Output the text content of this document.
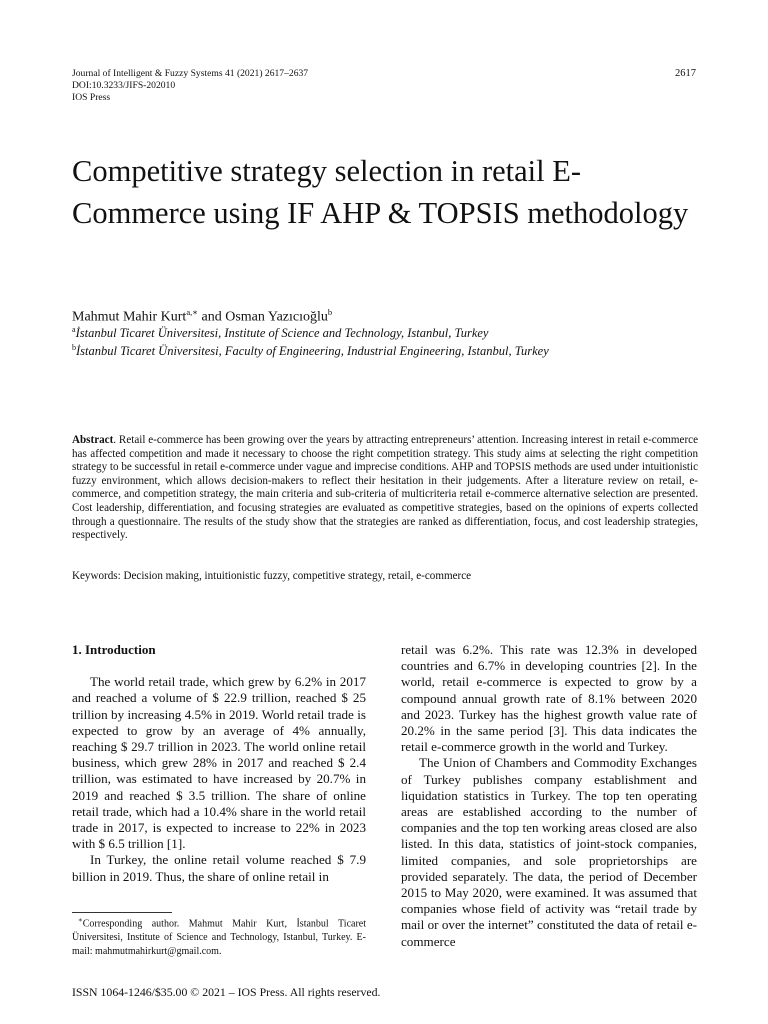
Journal of Intelligent & Fuzzy Systems 41 (2021) 2617–2637
DOI:10.3233/JIFS-202010
IOS Press
2617
Competitive strategy selection in retail E-Commerce using IF AHP & TOPSIS methodology
Mahmut Mahir Kurt$^{a,∗}$ and Osman Yazıcıoğlu$^b$
$^a$İstanbul Ticaret Üniversitesi, Institute of Science and Technology, Istanbul, Turkey
$^b$İstanbul Ticaret Üniversitesi, Faculty of Engineering, Industrial Engineering, Istanbul, Turkey
Abstract. Retail e-commerce has been growing over the years by attracting entrepreneurs’ attention. Increasing interest in retail e-commerce has affected competition and made it necessary to choose the right competition strategy. This study aims at selecting the right competition strategy to be successful in retail e-commerce under vague and imprecise conditions. AHP and TOPSIS methods are used under intuitionistic fuzzy environment, which allows decision-makers to reflect their hesitation in their judgements. After a literature review on retail, e-commerce, and competition strategy, the main criteria and sub-criteria of multicriteria retail e-commerce alternative selection are presented. Cost leadership, differentiation, and focusing strategies are evaluated as competitive strategies, based on the opinions of experts collected through a questionnaire. The results of the study show that the strategies are ranked as differentiation, focus, and cost leadership strategies, respectively.
Keywords: Decision making, intuitionistic fuzzy, competitive strategy, retail, e-commerce
1. Introduction

The world retail trade, which grew by 6.2% in 2017 and reached a volume of $ 22.9 trillion, reached $ 25 trillion by increasing 4.5% in 2019. World retail trade is expected to grow by an average of 4% annually, reaching $ 29.7 trillion in 2023. The world online retail business, which grew 28% in 2017 and reached $ 2.4 trillion, was estimated to have increased by 20.7% in 2019 and reached $ 3.5 trillion. The share of online retail trade, which had a 10.4% share in the world retail trade in 2017, is expected to increase to 22% in 2023 with $ 6.5 trillion [1].

In Turkey, the online retail volume reached $ 7.9 billion in 2019. Thus, the share of online retail in

retail was 6.2%. This rate was 12.3% in developed countries and 6.7% in developing countries [2]. In the world, retail e-commerce is expected to grow by a compound annual growth rate of 8.1% between 2020 and 2023. Turkey has the highest growth value rate of 20.2% in the same period [3]. This data indicates the retail e-commerce growth in the world and Turkey.

The Union of Chambers and Commodity Exchanges of Turkey publishes company establishment and liquidation statistics in Turkey. The top ten operating areas are established according to the number of companies and the top ten working areas closed are also listed. In this data, statistics of joint-stock companies, limited companies, and sole proprietorships are provided separately. The data, the period of December 2015 to May 2020, were examined. It was assumed that companies whose field of activity was “retail trade by mail or over the internet” constituted the data of retail e-commerce

∗Corresponding author. Mahmut Mahir Kurt, İstanbul Ticaret Üniversitesi, Institute of Science and Technology, Istanbul, Turkey. E-mail: mahmutmahirkurt@gmail.com.
ISSN 1064-1246/$35.00 © 2021 – IOS Press. All rights reserved.
